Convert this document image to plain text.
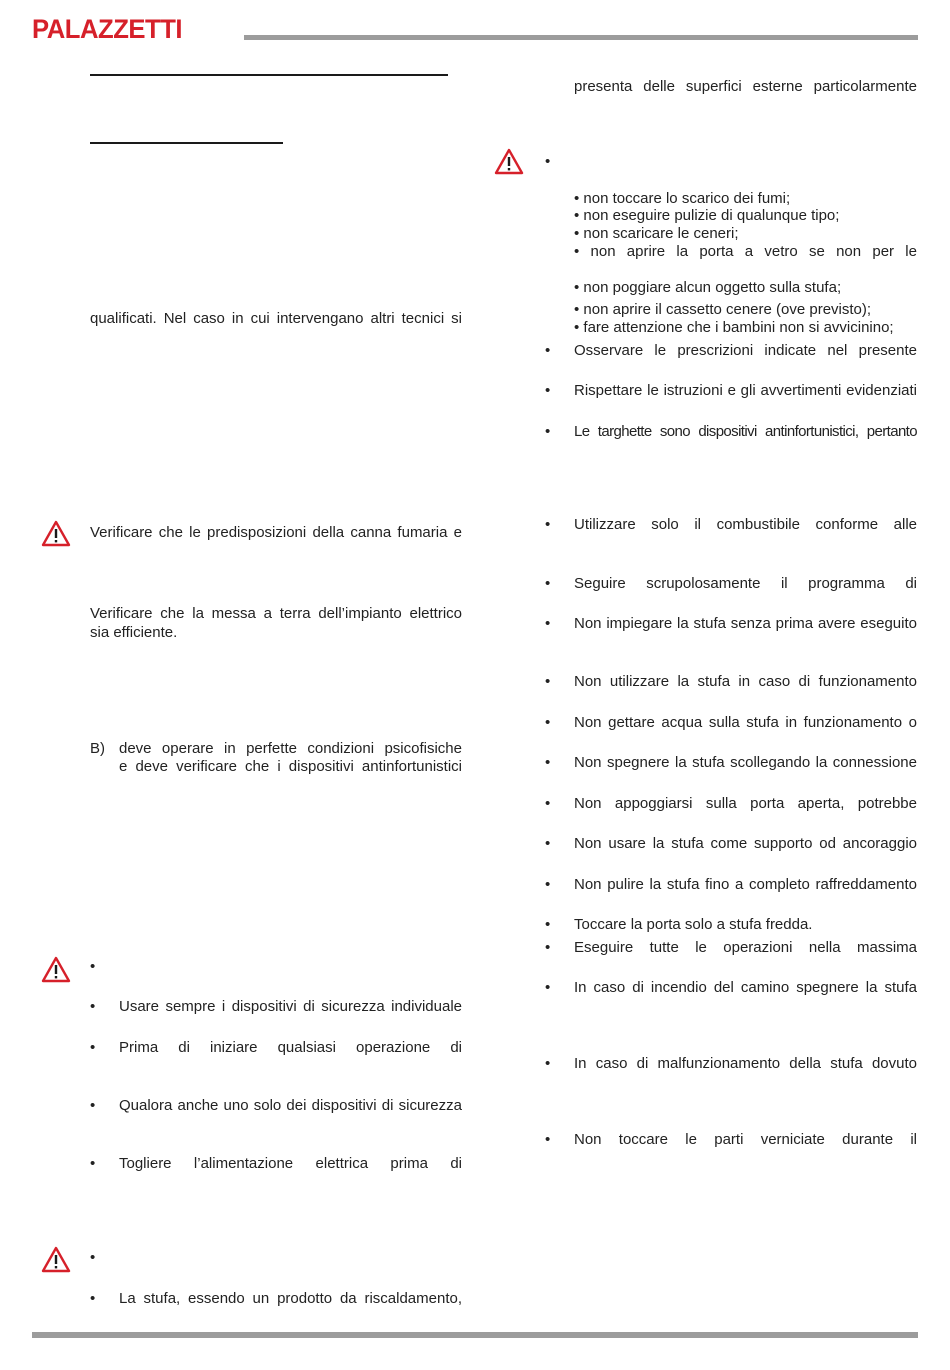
PALAZZETTI
qualificati. Nel caso in cui intervengano altri tecnici si
Verificare che le predisposizioni della canna fumaria e
Verificare che la messa a terra dell’impianto elettrico
sia efficiente.
B) deve operare in perfette condizioni psicofisiche
e deve verificare che i dispositivi antinfortunistici
•
• Usare sempre i dispositivi di sicurezza individuale
• Prima di iniziare qualsiasi operazione di
• Qualora anche uno solo dei dispositivi di sicurezza
• Togliere l’alimentazione elettrica prima di
•
• La stufa, essendo un prodotto da riscaldamento,
presenta delle superfici esterne particolarmente
•
• non toccare lo scarico dei fumi;
• non eseguire pulizie di qualunque tipo;
• non scaricare le ceneri;
• non aprire la porta a vetro se non per le
• non poggiare alcun oggetto sulla stufa;
• non aprire il cassetto cenere (ove previsto);
• fare attenzione che i bambini non si avvicinino;
• Osservare le prescrizioni indicate nel presente
• Rispettare le istruzioni e gli avvertimenti evidenziati
• Le targhette sono dispositivi antinfortunistici, pertanto
• Utilizzare solo il combustibile conforme alle
• Seguire scrupolosamente il programma di
• Non impiegare la stufa senza prima avere eseguito
• Non utilizzare la stufa in caso di funzionamento
• Non gettare acqua sulla stufa in funzionamento o
• Non spegnere la stufa scollegando la connessione
• Non appoggiarsi sulla porta aperta, potrebbe
• Non usare la stufa come supporto od ancoraggio
• Non pulire la stufa fino a completo raffreddamento
• Toccare la porta solo a stufa fredda.
• Eseguire tutte le operazioni nella massima
• In caso di incendio del camino spegnere la stufa
• In caso di malfunzionamento della stufa dovuto
• Non toccare le parti verniciate durante il
